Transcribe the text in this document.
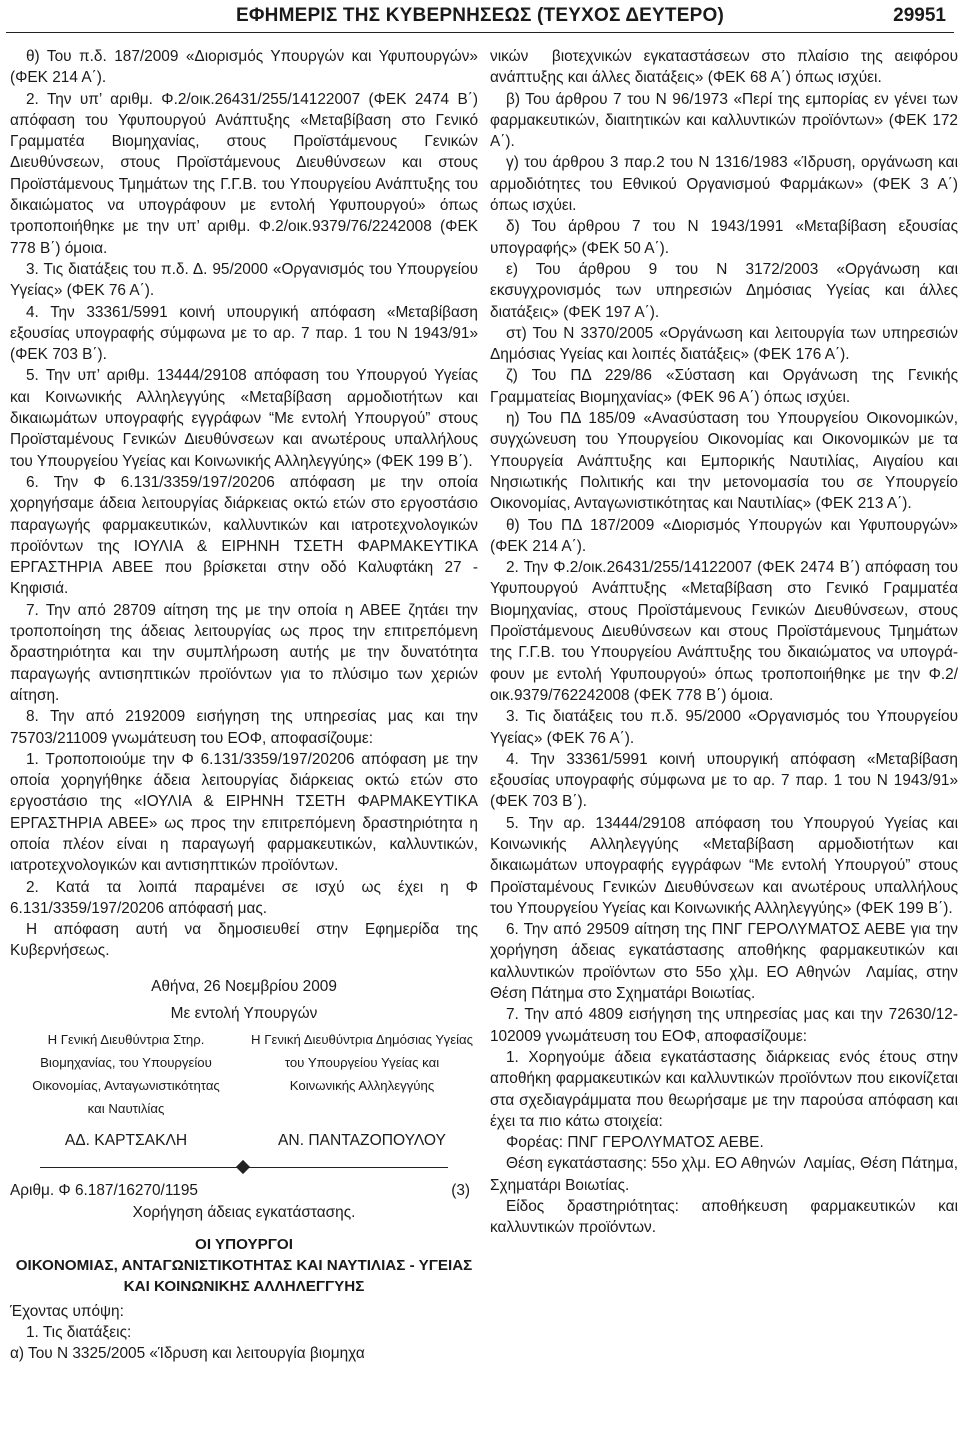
ΕΦΗΜΕΡΙΣ ΤΗΣ ΚΥΒΕΡΝΗΣΕΩΣ (ΤΕΥΧΟΣ ΔΕΥΤΕΡΟ)	29951

θ) Του π.δ. 187/2009 «Διορισμός Υπουργών και Υφυπουργών» (ΦΕΚ 214 Α΄).

2. Την υπ’ αριθμ. Φ.2/οικ.26431/255/14122007 (ΦΕΚ 2474 Β΄) απόφαση του Υφυπουργού Ανάπτυξης «Μεταβίβαση στο Γενικό Γραμματέα Βιομηχανίας, στους Προϊστάμενους Γενικών Διευθύνσεων, στους Προϊστάμενους Διευθύνσεων και στους Προϊστάμενους Τμημάτων της Γ.Γ.Β. του Υπουργείου Ανάπτυξης του δικαιώματος να υπογράφουν με εντολή Υφυπουργού» όπως τροποποιήθηκε με την υπ’ αριθμ. Φ.2/οικ.9379/76/2242008 (ΦΕΚ 778 Β΄) όμοια.

3. Τις διατάξεις του π.δ. Δ. 95/2000 «Οργανισμός του Υπουργείου Υγείας» (ΦΕΚ 76 Α΄).

4. Την 33361/5991 κοινή υπουργική απόφαση «Μεταβίβαση εξουσίας υπογραφής σύμφωνα με το αρ. 7 παρ. 1 του Ν 1943/91» (ΦΕΚ 703 Β΄).

5. Την υπ’ αριθμ. 13444/29108 απόφαση του Υπουργού Υγείας και Κοινωνικής Αλληλεγγύης «Μεταβίβαση αρμοδιοτήτων και δικαιωμάτων υπογραφής εγγράφων “Με εντολή Υπουργού” στους Προϊσταμένους Γενικών Διευθύνσεων και ανωτέρους υπαλλήλους του Υπουργείου Υγείας και Κοινωνικής Αλληλεγγύης» (ΦΕΚ 199 Β΄).

6. Την Φ 6.131/3359/197/20206 απόφαση με την οποία χορηγήσαμε άδεια λειτουργίας διάρκειας οκτώ ετών στο εργοστάσιο παραγωγής φαρμακευτικών, καλλυντικών και ιατροτεχνολογικών προϊόντων της ΙΟΥΛΙΑ & ΕΙΡΗΝΗ ΤΣΕΤΗ ΦΑΡΜΑΚΕΥΤΙΚΑ ΕΡΓΑΣΤΗΡΙΑ ΑΒΕΕ που βρίσκεται στην οδό Καλυφτάκη 27 Κηφισιά.

7. Την από 28709 αίτηση της με την οποία η ΑΒΕΕ ζητάει την τροποποίηση της άδειας λειτουργίας ως προς την επιτρεπόμενη δραστηριότητα και την συμπλήρωση αυτής με την δυνατότητα παραγωγής αντισηπτικών προϊόντων για το πλύσιμο των χεριών αίτηση.

8. Την από 2192009 εισήγηση της υπηρεσίας μας και την 75703/211009 γνωμάτευση του ΕΟΦ, αποφασίζουμε:

1. Τροποποιούμε την Φ 6.131/3359/197/20206 απόφαση με την οποία χορηγήθηκε άδεια λειτουργίας διάρκειας οκτώ ετών στο εργοστάσιο της «ΙΟΥΛΙΑ & ΕΙΡΗΝΗ ΤΣΕΤΗ ΦΑΡΜΑΚΕΥΤΙΚΑ ΕΡΓΑΣΤΗΡΙΑ ΑΒΕΕ» ως προς την επιτρεπόμενη δραστηριότητα η οποία πλέον είναι η παραγωγή φαρμακευτικών, καλλυντικών, ιατροτεχνολογικών και αντισηπτικών προϊόντων.

2. Κατά τα λοιπά παραμένει σε ισχύ ως έχει η Φ 6.131/3359/197/20206 απόφασή μας.

Η απόφαση αυτή να δημοσιευθεί στην Εφημερίδα της Κυβερνήσεως.

Αθήνα, 26 Νοεμβρίου 2009

Με εντολή Υπουργών

Η Γενική Διευθύντρια Στηρ.
Βιομηχανίας, του Υπουργείου
Οικονομίας, Ανταγωνιστικότητας
και Ναυτιλίας
Η Γενική Διευθύντρια Δημόσιας Υγείας
του Υπουργείου Υγείας και
Κοινωνικής Αλληλεγγύης
ΑΔ. ΚΑΡΤΣΑΚΛΗ	ΑΝ. ΠΑΝΤΑΖΟΠΟΥΛΟΥ
Αριθμ. Φ 6.187/16270/1195	(3)

Χορήγηση άδειας εγκατάστασης.

ΟΙ ΥΠΟΥΡΓΟΙ
ΟΙΚΟΝΟΜΙΑΣ, ΑΝΤΑΓΩΝΙΣΤΙΚΟΤΗΤΑΣ ΚΑΙ ΝΑΥΤΙΛΙΑΣ - ΥΓΕΙΑΣ ΚΑΙ ΚΟΙΝΩΝΙΚΗΣ ΑΛΛΗΛΕΓΓΥΗΣ

Έχοντας υπόψη:

1. Τις διατάξεις:

α) Του Ν 3325/2005 «Ίδρυση και λειτουργία βιομηχα

νικών βιοτεχνικών εγκαταστάσεων στο πλαίσιο της αειφόρου ανάπτυξης και άλλες διατάξεις» (ΦΕΚ 68 Α΄) όπως ισχύει.

β) Του άρθρου 7 του Ν 96/1973 «Περί της εμπορίας εν γένει των φαρμακευτικών, διαιτητικών και καλλυντικών προϊόντων» (ΦΕΚ 172 Α΄).

γ) του άρθρου 3 παρ.2 του Ν 1316/1983 «Ίδρυση, οργάνωση και αρμοδιότητες του Εθνικού Οργανισμού Φαρμάκων» (ΦΕΚ 3 Α΄) όπως ισχύει.

δ) Του άρθρου 7 του Ν 1943/1991 «Μεταβίβαση εξουσίας υπογραφής» (ΦΕΚ 50 Α΄).

ε) Του άρθρου 9 του Ν 3172/2003 «Οργάνωση και εκσυγχρονισμός των υπηρεσιών Δημόσιας Υγείας και άλλες διατάξεις» (ΦΕΚ 197 Α΄).

στ) Του Ν 3370/2005 «Οργάνωση και λειτουργία των υπηρεσιών Δημόσιας Υγείας και λοιπές διατάξεις» (ΦΕΚ 176 Α΄).

ζ) Του ΠΔ 229/86 «Σύσταση και Οργάνωση της Γενικής Γραμματείας Βιομηχανίας» (ΦΕΚ 96 Α΄) όπως ισχύει.

η) Του ΠΔ 185/09 «Ανασύσταση του Υπουργείου Οικονομικών, συγχώνευση του Υπουργείου Οικονομίας και Οικονομικών με τα Υπουργεία Ανάπτυξης και Εμπορικής Ναυτιλίας, Αιγαίου και Νησιωτικής Πολιτικής και την μετονομασία του σε Υπουργείο Οικονομίας, Ανταγωνιστικότητας και Ναυτιλίας» (ΦΕΚ 213 Α΄).

θ) Του ΠΔ 187/2009 «Διορισμός Υπουργών και Υφυπουργών» (ΦΕΚ 214 Α΄).

2. Την Φ.2/οικ.26431/255/14122007 (ΦΕΚ 2474 Β΄) απόφαση του Υφυπουργού Ανάπτυξης «Μεταβίβαση στο Γενικό Γραμματέα Βιομηχανίας, στους Προϊστάμενους Γενικών Διευθύνσεων, στους Προϊστάμενους Διευθύνσεων και στους Προϊστάμενους Τμημάτων της Γ.Γ.Β. του Υπουργείου Ανάπτυξης του δικαιώματος να υπογράφουν με εντολή Υφυπουργού» όπως τροποποιήθηκε με την Φ.2/οικ.9379/762242008 (ΦΕΚ 778 Β΄) όμοια.

3. Τις διατάξεις του π.δ. 95/2000 «Οργανισμός του Υπουργείου Υγείας» (ΦΕΚ 76 Α΄).

4. Την 33361/5991 κοινή υπουργική απόφαση «Μεταβίβαση εξουσίας υπογραφής σύμφωνα με το αρ. 7 παρ. 1 του Ν 1943/91» (ΦΕΚ 703 Β΄).

5. Την αρ. 13444/29108 απόφαση του Υπουργού Υγείας και Κοινωνικής Αλληλεγγύης «Μεταβίβαση αρμοδιοτήτων και δικαιωμάτων υπογραφής εγγράφων “Με εντολή Υπουργού” στους Προϊσταμένους Γενικών Διευθύνσεων και ανωτέρους υπαλλήλους του Υπουργείου Υγείας και Κοινωνικής Αλληλεγγύης» (ΦΕΚ 199 Β΄).

6. Την από 29509 αίτηση της ΠΝΓ ΓΕΡΟΛΥΜΑΤΟΣ ΑΕΒΕ για την χορήγηση άδειας εγκατάστασης αποθήκης φαρμακευτικών και καλλυντικών προϊόντων στο 55ο χλμ. ΕΟ Αθηνών Λαμίας, στην Θέση Πάτημα στο Σχηματάρι Βοιωτίας.

7. Την από 4809 εισήγηση της υπηρεσίας μας και την 72630/12102009 γνωμάτευση του ΕΟΦ, αποφασίζουμε:

1. Χορηγούμε άδεια εγκατάστασης διάρκειας ενός έτους στην αποθήκη φαρμακευτικών και καλλυντικών προϊόντων που εικονίζεται στα σχεδιαγράμματα που θεωρήσαμε με την παρούσα απόφαση και έχει τα πιο κάτω στοιχεία:

Φορέας: ΠΝΓ ΓΕΡΟΛΥΜΑΤΟΣ ΑΕΒΕ.

Θέση εγκατάστασης: 55ο χλμ. ΕΟ Αθηνών Λαμίας, Θέση Πάτημα, Σχηματάρι Βοιωτίας.

Είδος δραστηριότητας: αποθήκευση φαρμακευτικών και καλλυντικών προϊόντων.
